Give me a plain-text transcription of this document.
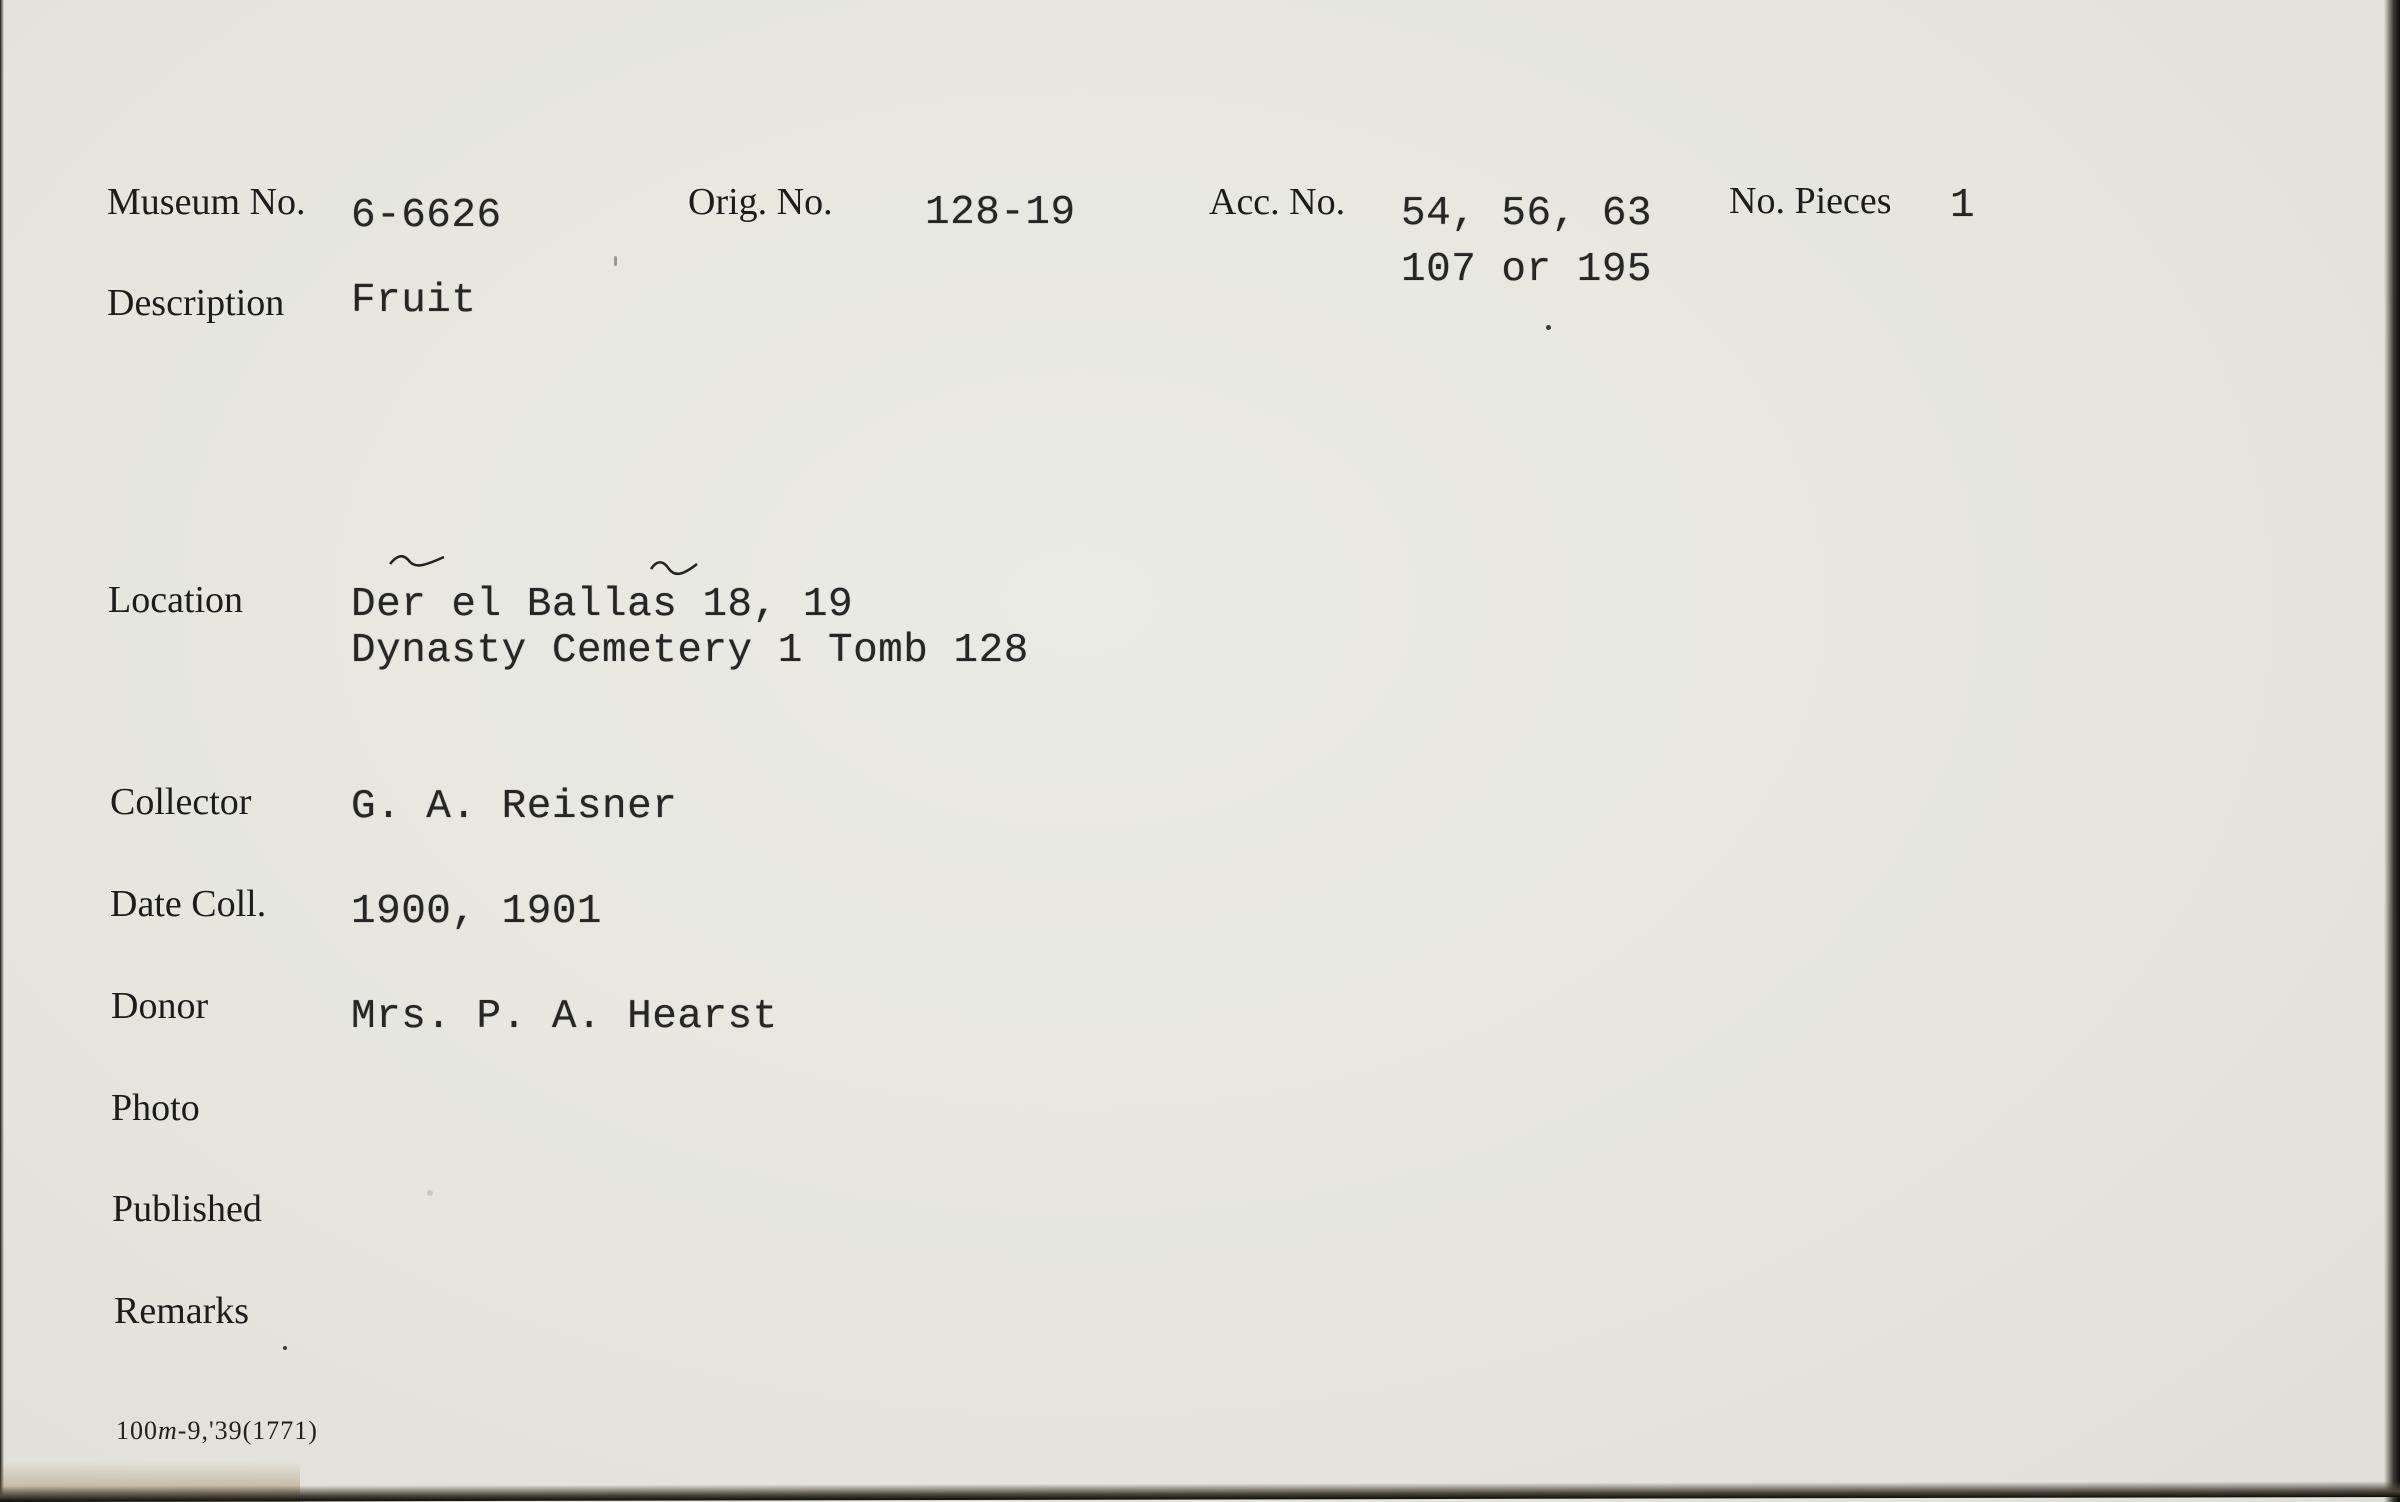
Museum No. 6-6626	Orig. No. 128-19	Acc. No. 54, 56, 63
107 or 195
No. Pieces 1
Description Fruit
Location	Der el Ballas 18, 19
Dynasty Cemetery 1 Tomb 128
Collector G. A. Reisner
Date Coll. 1900, 1901
Donor	Mrs. P. A. Hearst
Photo
Published
Remarks
100m-9,'39(1771)
